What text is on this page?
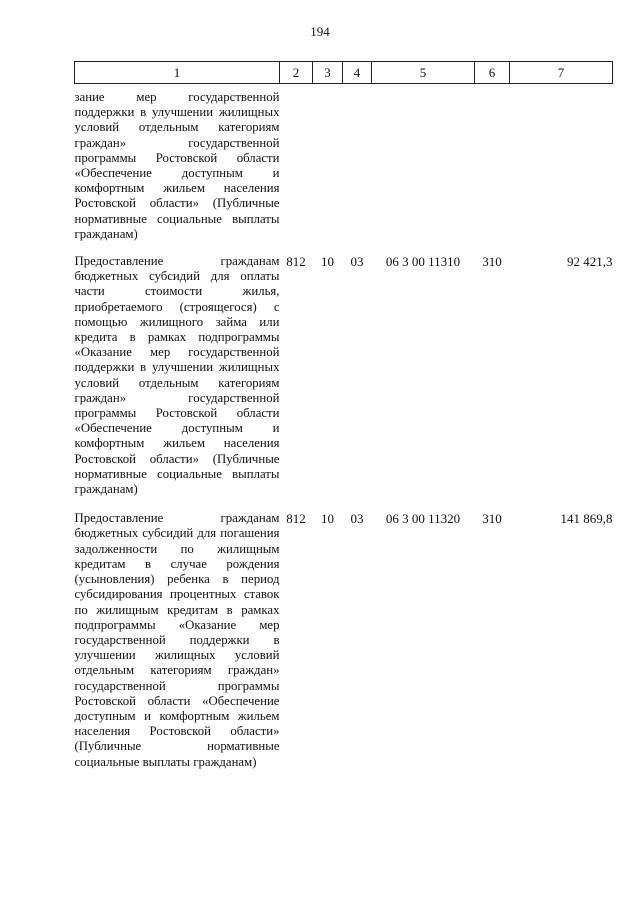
194
1	2	3	4	5	6	7
зание мер государственной поддержки в улучшении жилищных условий отдельным категориям граждан» государственной программы Ростовской области «Обеспечение доступным и комфортным жильем населения Ростовской области» (Публичные нормативные социальные выплаты гражданам)						
Предоставление гражданам бюджетных субсидий для оплаты части стоимости жилья, приобретаемого (строящегося) с помощью жилищного займа или кредита в рамках подпрограммы «Оказание мер государственной поддержки в улучшении жилищных условий отдельным категориям граждан» государственной программы Ростовской области «Обеспечение доступным и комфортным жильем населения Ростовской области» (Публичные нормативные социальные выплаты гражданам)	812	10	03	06 3 00 11310	310	92 421,3
Предоставление гражданам бюджетных субсидий для погашения задолженности по жилищным кредитам в случае рождения (усыновления) ребенка в период субсидирования процентных ставок по жилищным кредитам в рамках подпрограммы «Оказание мер государственной поддержки в улучшении жилищных условий отдельным категориям граждан» государственной программы Ростовской области «Обеспечение доступным и комфортным жильем населения Ростовской области» (Публичные нормативные социальные выплаты гражданам)	812	10	03	06 3 00 11320	310	141 869,8
